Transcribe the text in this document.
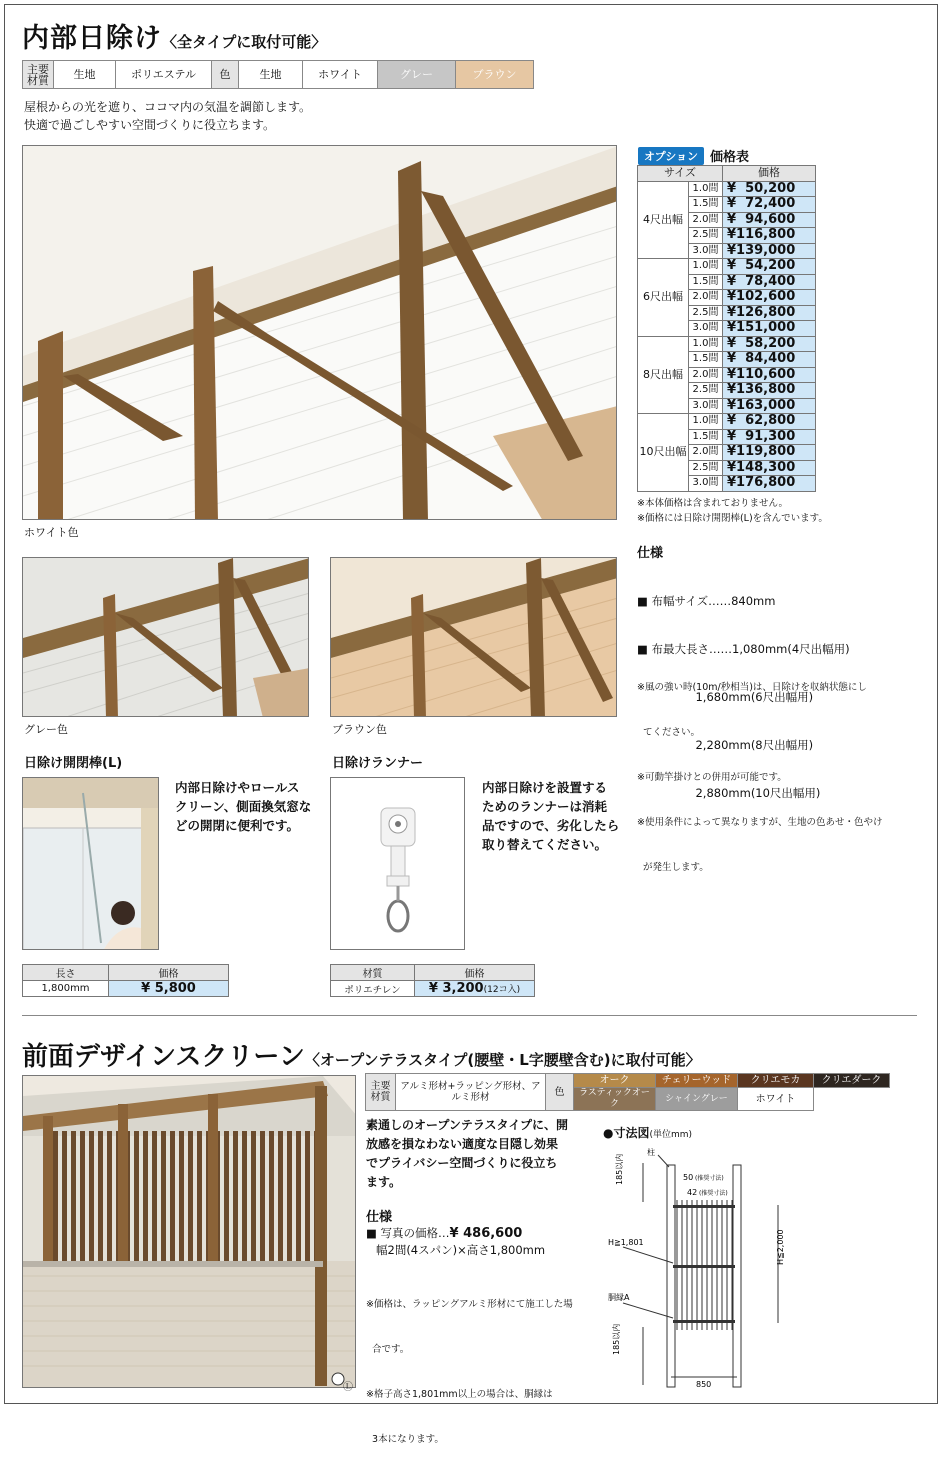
内部日除け〈全タイプに取付可能〉
主要材質	生地	ポリエステル	色	生地	ホワイト	グレー	ブラウン
屋根からの光を遮り、ココマ内の気温を調節します。
快適で過ごしやすい空間づくりに役立ちます。
ホワイト色
グレー色	ブラウン色
オプション 価格表
サイズ		価格
4尺出幅	1.0間	¥  50,200
	1.5間	¥  72,400
	2.0間	¥  94,600
	2.5間	¥116,800
	3.0間	¥139,000
6尺出幅	1.0間	¥  54,200
	1.5間	¥  78,400
	2.0間	¥102,600
	2.5間	¥126,800
	3.0間	¥151,000
8尺出幅	1.0間	¥  58,200
	1.5間	¥  84,400
	2.0間	¥110,600
	2.5間	¥136,800
	3.0間	¥163,000
10尺出幅	1.0間	¥  62,800
	1.5間	¥  91,300
	2.0間	¥119,800
	2.5間	¥148,300
	3.0間	¥176,800
※本体価格は含まれておりません。
※価格には日除け開閉棒(L)を含んでいます。
仕様

■ 布幅サイズ……840mm

■ 布最大長さ……1,080mm(4尺出幅用)

1,680mm(6尺出幅用)

2,280mm(8尺出幅用)

2,880mm(10尺出幅用)

※風の強い時(10m/秒相当)は、日除けを収納状態にし

てください。

※可動竿掛けとの併用が可能です。

※使用条件によって異なりますが、生地の色あせ・色やけ

が発生します。

日除け開閉棒(L)
内部日除けやロールス
クリーン、側面換気窓な
どの開閉に便利です。
長さ	価格
1,800mm	¥ 5,800
日除けランナー
内部日除けを設置する
ためのランナーは消耗
品ですので、劣化したら
取り替えてください。
材質	価格
ポリエチレン	¥ 3,200(12コ入)
前面デザインスクリーン〈オープンテラスタイプ(腰壁・L字腰壁含む)に取付可能〉
Ⓛ
主要材質	アルミ形材+ラッピング形材、アルミ形材	色	オーク	チェリーウッド	クリエモカ	クリエダーク
			ラスティックオーク	シャイングレー	ホワイト	
素通しのオープンテラスタイプに、開
放感を損なわない適度な目隠し効果
でプライバシー空間づくりに役立ち
ます。
仕様
■ 写真の価格…¥ 486,600
幅2間(4スパン)×高さ1,800mm

※価格は、ラッピングアルミ形材にて施工した場

合です。

※格子高さ1,801mm以上の場合は、胴縁は

3本になります。

●寸法図(単位mm)
柱
185以内	50 (推奨寸法)
42 (推奨寸法)
H≧1,801	H≦2,000
胴縁A
185以内
850
